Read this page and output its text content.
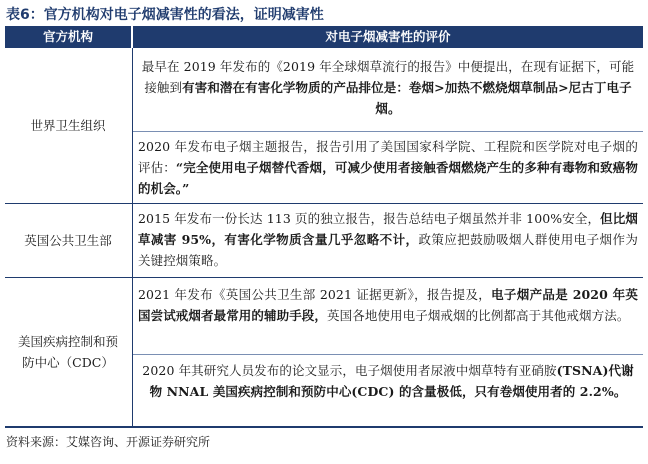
表6：官方机构对电子烟减害性的看法，证明减害性
官方机构	对电子烟减害性的评价
世界卫生组织
英国公共卫生部
美国疾病控制和预防中心（CDC）
最早在 2019 年发布的《2019 年全球烟草流行的报告》中便提出，在现有证据下，可能接触到有害和潜在有害化学物质的产品排位是：卷烟>加热不燃烧烟草制品>尼古丁电子烟。
2020 年发布电子烟主题报告，报告引用了美国国家科学院、工程院和医学院对电子烟的评估：“完全使用电子烟替代香烟，可减少使用者接触香烟燃烧产生的多种有毒物和致癌物的机会。”
2015 年发布一份长达 113 页的独立报告，报告总结电子烟虽然并非 100%安全，但比烟草减害 95%，有害化学物质含量几乎忽略不计，政策应把鼓励吸烟人群使用电子烟作为关键控烟策略。
2021 年发布《英国公共卫生部 2021 证据更新》，报告提及，电子烟产品是 2020 年英国尝试戒烟者最常用的辅助手段，英国各地使用电子烟戒烟的比例都高于其他戒烟方法。
2020 年其研究人员发布的论文显示，电子烟使用者尿液中烟草特有亚硝胺(TSNA)代谢物 NNAL 美国疾病控制和预防中心(CDC) 的含量极低，只有卷烟使用者的 2.2%。
资料来源：艾媒咨询、开源证券研究所
